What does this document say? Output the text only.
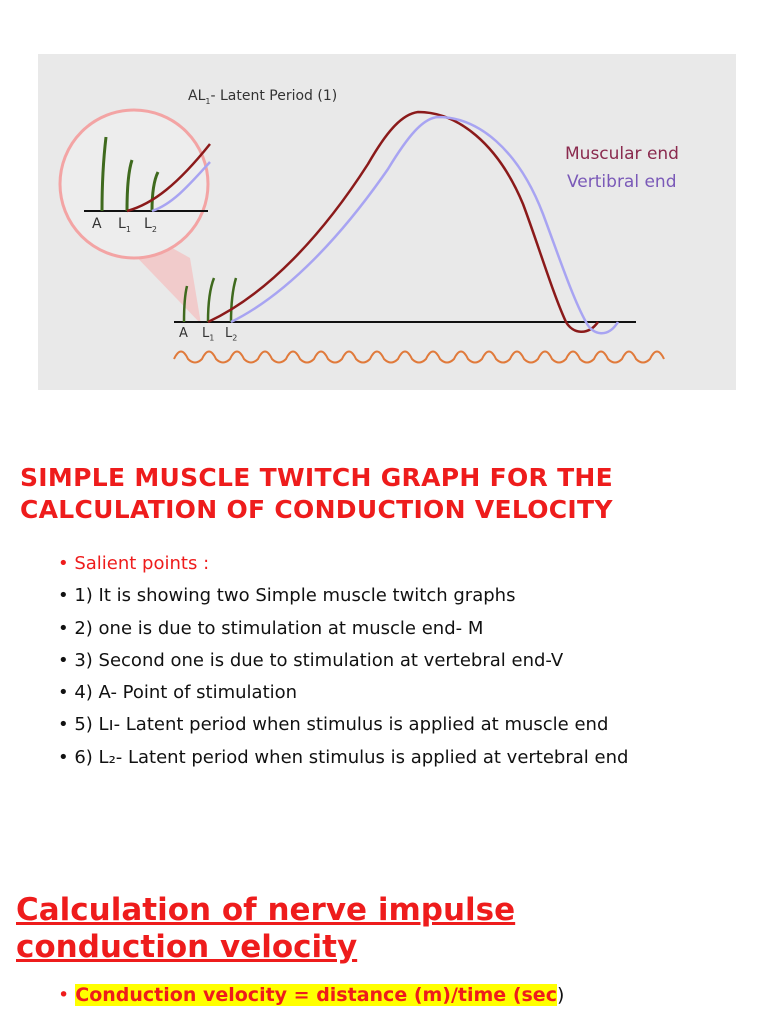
$AL_1-$ Latent Period (1)
Muscular end
Vertibral end
A $L_1$ $L_2$
A $L_1$ $L_2$
SIMPLE MUSCLE TWITCH GRAPH FOR THE CALCULATION OF CONDUCTION VELOCITY
• Salient points :
• 1) It is showing two Simple muscle twitch graphs
• 2) one is due to stimulation at muscle end- M
• 3) Second one is due to stimulation at vertebral end-V
• 4) A- Point of stimulation
• 5) Lı- Latent period when stimulus is applied at muscle end
• 6) L₂- Latent period when stimulus is applied at vertebral end
Calculation of nerve impulse conduction velocity
• Conduction velocity = distance (m)/time (sec)
